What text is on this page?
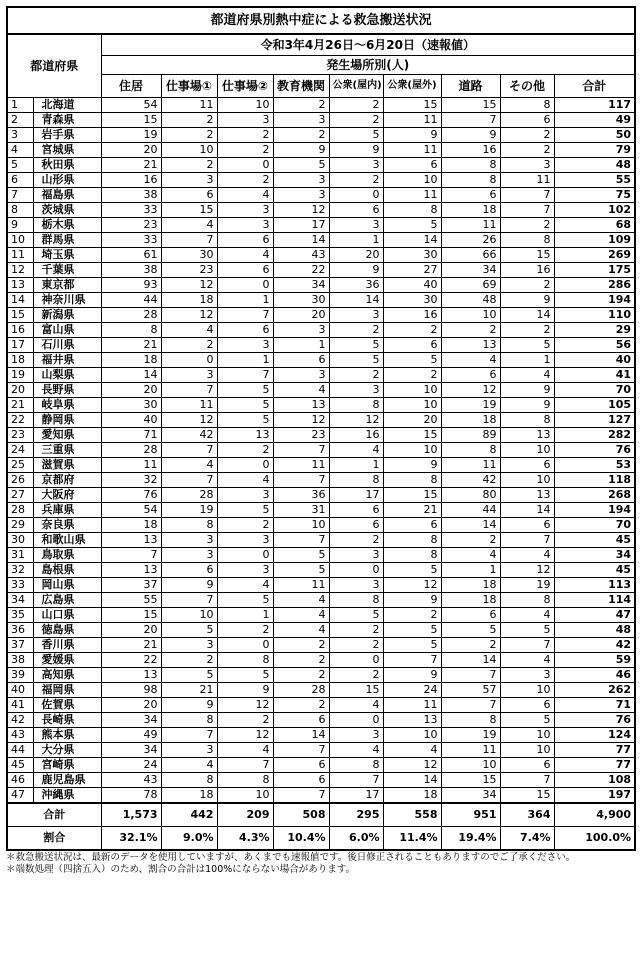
都道府県別熱中症による救急搬送状況										
都道府県		令和3年4月26日～6月20日（速報値）								
		発生場所別(人)								
		住居	仕事場①	仕事場②	教育機関	公衆(屋内)	公衆(屋外)	道路	その他	合計
1	北海道	54	11	10	2	2	15	15	8	117
2	青森県	15	2	3	3	2	11	7	6	49
3	岩手県	19	2	2	2	5	9	9	2	50
4	宮城県	20	10	2	9	9	11	16	2	79
5	秋田県	21	2	0	5	3	6	8	3	48
6	山形県	16	3	2	3	2	10	8	11	55
7	福島県	38	6	4	3	0	11	6	7	75
8	茨城県	33	15	3	12	6	8	18	7	102
9	栃木県	23	4	3	17	3	5	11	2	68
10	群馬県	33	7	6	14	1	14	26	8	109
11	埼玉県	61	30	4	43	20	30	66	15	269
12	千葉県	38	23	6	22	9	27	34	16	175
13	東京都	93	12	0	34	36	40	69	2	286
14	神奈川県	44	18	1	30	14	30	48	9	194
15	新潟県	28	12	7	20	3	16	10	14	110
16	富山県	8	4	6	3	2	2	2	2	29
17	石川県	21	2	3	1	5	6	13	5	56
18	福井県	18	0	1	6	5	5	4	1	40
19	山梨県	14	3	7	3	2	2	6	4	41
20	長野県	20	7	5	4	3	10	12	9	70
21	岐阜県	30	11	5	13	8	10	19	9	105
22	静岡県	40	12	5	12	12	20	18	8	127
23	愛知県	71	42	13	23	16	15	89	13	282
24	三重県	28	7	2	7	4	10	8	10	76
25	滋賀県	11	4	0	11	1	9	11	6	53
26	京都府	32	7	4	7	8	8	42	10	118
27	大阪府	76	28	3	36	17	15	80	13	268
28	兵庫県	54	19	5	31	6	21	44	14	194
29	奈良県	18	8	2	10	6	6	14	6	70
30	和歌山県	13	3	3	7	2	8	2	7	45
31	鳥取県	7	3	0	5	3	8	4	4	34
32	島根県	13	6	3	5	0	5	1	12	45
33	岡山県	37	9	4	11	3	12	18	19	113
34	広島県	55	7	5	4	8	9	18	8	114
35	山口県	15	10	1	4	5	2	6	4	47
36	徳島県	20	5	2	4	2	5	5	5	48
37	香川県	21	3	0	2	2	5	2	7	42
38	愛媛県	22	2	8	2	0	7	14	4	59
39	高知県	13	5	5	2	2	9	7	3	46
40	福岡県	98	21	9	28	15	24	57	10	262
41	佐賀県	20	9	12	2	4	11	7	6	71
42	長崎県	34	8	2	6	0	13	8	5	76
43	熊本県	49	7	12	14	3	10	19	10	124
44	大分県	34	3	4	7	4	4	11	10	77
45	宮崎県	24	4	7	6	8	12	10	6	77
46	鹿児島県	43	8	8	6	7	14	15	7	108
47	沖縄県	78	18	10	7	17	18	34	15	197
合計		1,573	442	209	508	295	558	951	364	4,900
割合		32.1%	9.0%	4.3%	10.4%	6.0%	11.4%	19.4%	7.4%	100.0%
＊救急搬送状況は、最新のデータを使用していますが、あくまでも速報値です。後日修正されることもありますのでご了承ください。
＊端数処理（四捨五入）のため、割合の合計は100%にならない場合があります。
